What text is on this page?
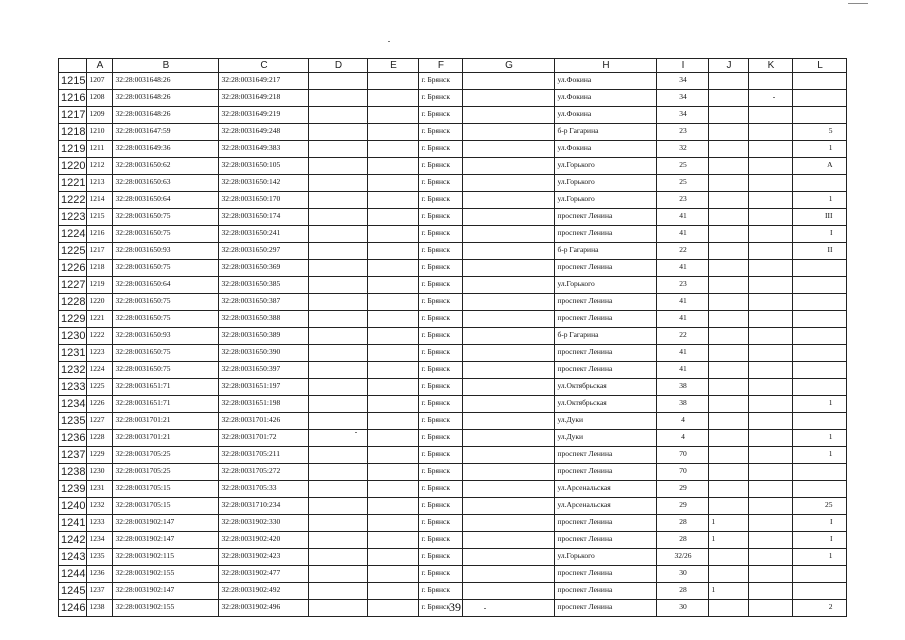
	A	B	C	D	E	F	G	H	I	J	K	L
1215	1207	32:28:0031648:26	32:28:0031649:217			г. Брянск		ул.Фокина	34			
1216	1208	32:28:0031648:26	32:28:0031649:218			г. Брянск		ул.Фокина	34			
1217	1209	32:28:0031648:26	32:28:0031649:219			г. Брянск		ул.Фокина	34			
1218	1210	32:28:0031647:59	32:28:0031649:248			г. Брянск		б-р Гагарина	23			5
1219	1211	32:28:0031649:36	32:28:0031649:383			г. Брянск		ул.Фокина	32			1
1220	1212	32:28:0031650:62	32:28:0031650:105			г. Брянск		ул.Горького	25			А
1221	1213	32:28:0031650:63	32:28:0031650:142			г. Брянск		ул.Горького	25			
1222	1214	32:28:0031650:64	32:28:0031650:170			г. Брянск		ул.Горького	23			1
1223	1215	32:28:0031650:75	32:28:0031650:174			г. Брянск		проспект Ленина	41			III
1224	1216	32:28:0031650:75	32:28:0031650:241			г. Брянск		проспект Ленина	41			I
1225	1217	32:28:0031650:93	32:28:0031650:297			г. Брянск		б-р Гагарина	22			II
1226	1218	32:28:0031650:75	32:28:0031650:369			г. Брянск		проспект Ленина	41			
1227	1219	32:28:0031650:64	32:28:0031650:385			г. Брянск		ул.Горького	23			
1228	1220	32:28:0031650:75	32:28:0031650:387			г. Брянск		проспект Ленина	41			
1229	1221	32:28:0031650:75	32:28:0031650:388			г. Брянск		проспект Ленина	41			
1230	1222	32:28:0031650:93	32:28:0031650:389			г. Брянск		б-р Гагарина	22			
1231	1223	32:28:0031650:75	32:28:0031650:390			г. Брянск		проспект Ленина	41			
1232	1224	32:28:0031650:75	32:28:0031650:397			г. Брянск		проспект Ленина	41			
1233	1225	32:28:0031651:71	32:28:0031651:197			г. Брянск		ул.Октябрьская	38			
1234	1226	32:28:0031651:71	32:28:0031651:198			г. Брянск		ул.Октябрьская	38			1
1235	1227	32:28:0031701:21	32:28:0031701:426			г. Брянск		ул.Дуки	4			
1236	1228	32:28:0031701:21	32:28:0031701:72			г. Брянск		ул.Дуки	4			1
1237	1229	32:28:0031705:25	32:28:0031705:211			г. Брянск		проспект Ленина	70			1
1238	1230	32:28:0031705:25	32:28:0031705:272			г. Брянск		проспект Ленина	70			
1239	1231	32:28:0031705:15	32:28:0031705:33			г. Брянск		ул.Арсенальская	29			
1240	1232	32:28:0031705:15	32:28:0031710:234			г. Брянск		ул.Арсенальская	29			25
1241	1233	32:28:0031902:147	32:28:0031902:330			г. Брянск		проспект Ленина	28	1		I
1242	1234	32:28:0031902:147	32:28:0031902:420			г. Брянск		проспект Ленина	28	1		I
1243	1235	32:28:0031902:115	32:28:0031902:423			г. Брянск		ул.Горького	32/26			1
1244	1236	32:28:0031902:155	32:28:0031902:477			г. Брянск		проспект Ленина	30			
1245	1237	32:28:0031902:147	32:28:0031902:492			г. Брянск		проспект Ленина	28	1		
1246	1238	32:28:0031902:155	32:28:0031902:496			г. Брянск		проспект Ленина	30			2
39
